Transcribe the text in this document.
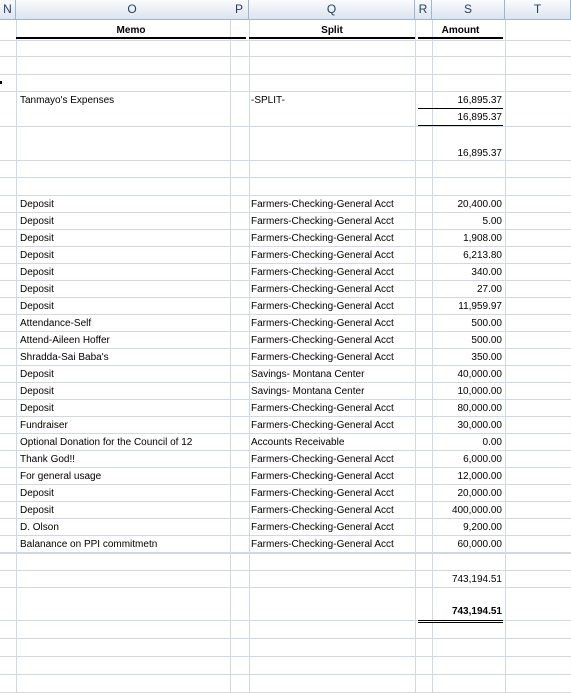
N	O	P	Q	R	S	T
Memo	Split	Amount
Tanmayo's Expenses	-SPLIT-	16,895.37
16,895.37
16,895.37
Deposit	Farmers-Checking-General Acct	20,400.00
Deposit	Farmers-Checking-General Acct	5.00
Deposit	Farmers-Checking-General Acct	1,908.00
Deposit	Farmers-Checking-General Acct	6,213.80
Deposit	Farmers-Checking-General Acct	340.00
Deposit	Farmers-Checking-General Acct	27.00
Deposit	Farmers-Checking-General Acct	11,959.97
Attendance-Self	Farmers-Checking-General Acct	500.00
Attend-Aileen Hoffer	Farmers-Checking-General Acct	500.00
Shradda-Sai Baba's	Farmers-Checking-General Acct	350.00
Deposit	Savings- Montana Center	40,000.00
Deposit	Savings- Montana Center	10,000.00
Deposit	Farmers-Checking-General Acct	80,000.00
Fundraiser	Farmers-Checking-General Acct	30,000.00
Optional Donation for the Council of 12	Accounts Receivable	0.00
Thank God!!	Farmers-Checking-General Acct	6,000.00
For general usage	Farmers-Checking-General Acct	12,000.00
Deposit	Farmers-Checking-General Acct	20,000.00
Deposit	Farmers-Checking-General Acct	400,000.00
D. Olson	Farmers-Checking-General Acct	9,200.00
Balanance on PPI commitmetn	Farmers-Checking-General Acct	60,000.00
743,194.51
743,194.51
